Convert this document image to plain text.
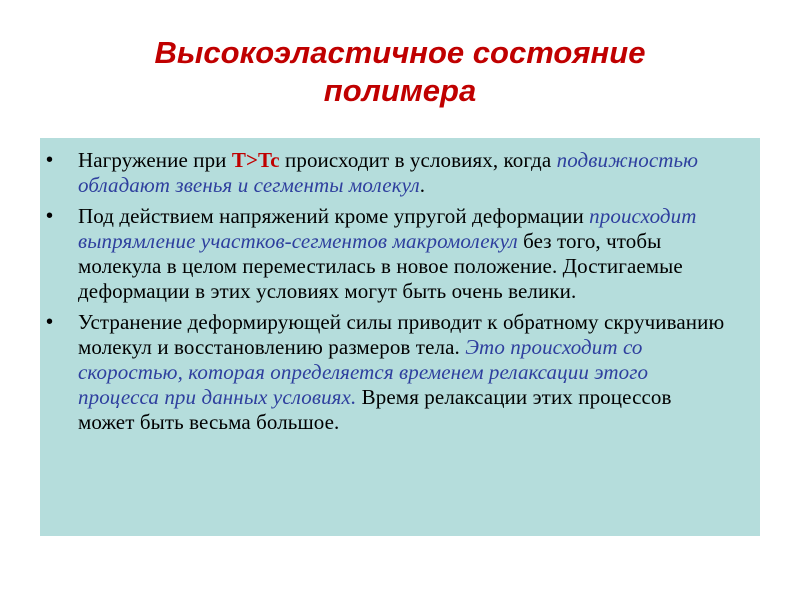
Высокоэластичное состояние
полимера
• Нагружение при T>Tc происходит в условиях, когда подвижностью обладают звенья и сегменты молекул.
• Под действием напряжений кроме упругой деформации происходит выпрямление участков-сегментов макромолекул без того, чтобы молекула в целом переместилась в новое положение. Достигаемые деформации в этих условиях могут быть очень велики.
• Устранение деформирующей силы приводит к обратному скручиванию молекул и восстановлению размеров тела. Это происходит со скоростью, которая определяется временем релаксации этого процесса при данных условиях. Время релаксации этих процессов может быть весьма большое.
